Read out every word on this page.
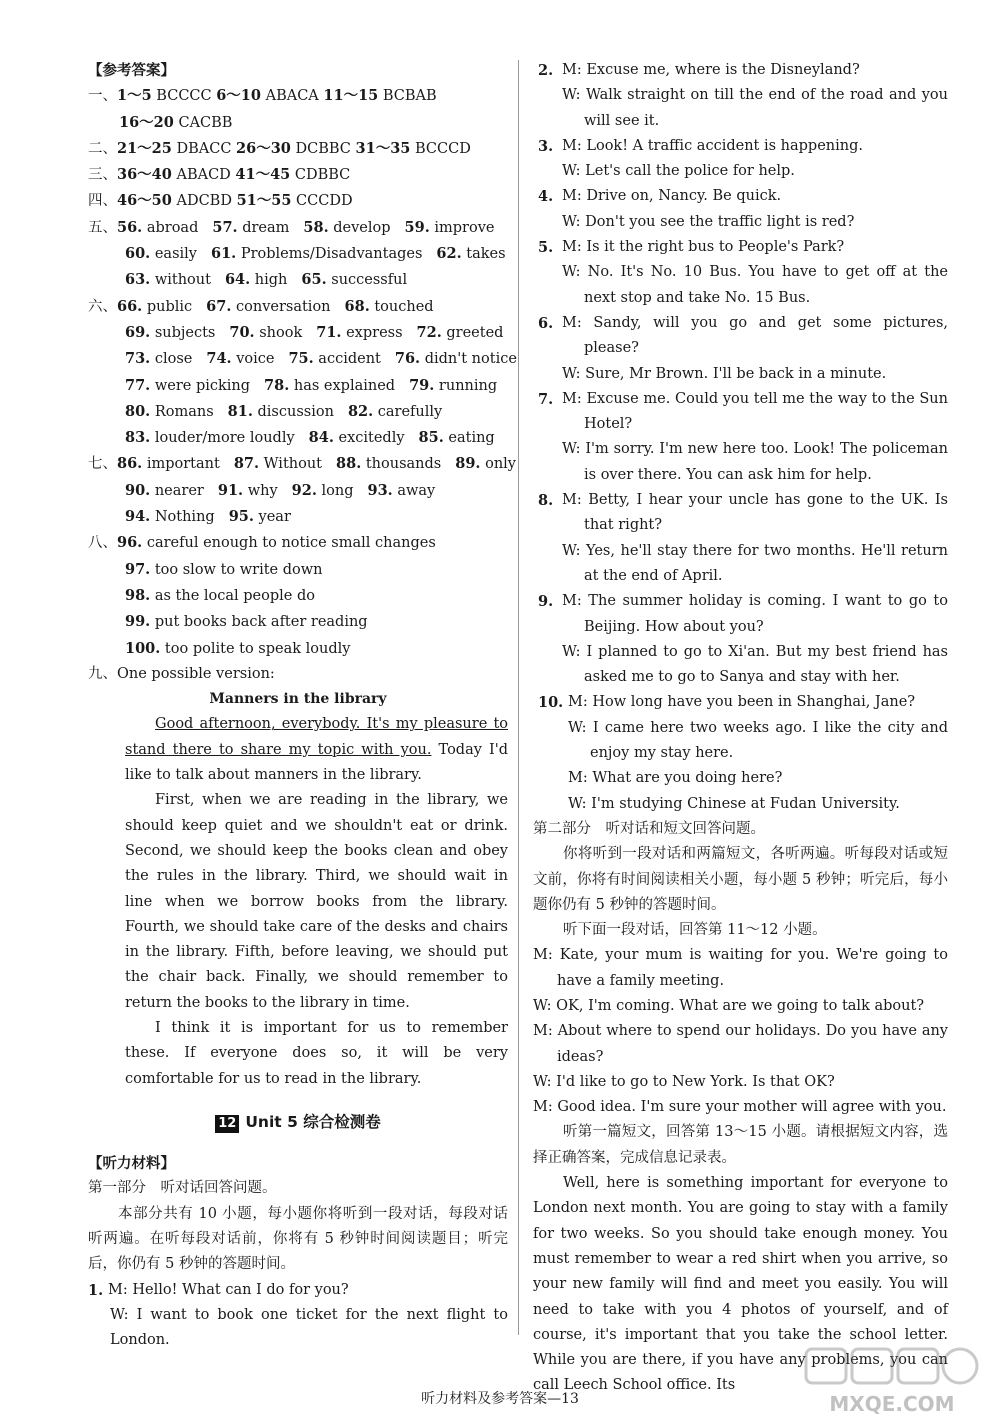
【参考答案】
一、1～5 BCCCC 6～10 ABACA 11～15 BCBAB
16～20 CACBB
二、21～25 DBACC 26～30 DCBBC 31～35 BCCCD
三、36～40 ABACD 41～45 CDBBC
四、46～50 ADCBD 51～55 CCCDD
五、56. abroad 57. dream 58. develop 59. improve
60. easily 61. Problems/Disadvantages 62. takes
63. without 64. high 65. successful
六、66. public 67. conversation 68. touched
69. subjects 70. shook 71. express 72. greeted
73. close 74. voice 75. accident 76. didn't notice
77. were picking 78. has explained 79. running
80. Romans 81. discussion 82. carefully
83. louder/more loudly 84. excitedly 85. eating
七、86. important 87. Without 88. thousands 89. only
90. nearer 91. why 92. long 93. away
94. Nothing 95. year
八、96. careful enough to notice small changes
97. too slow to write down
98. as the local people do
99. put books back after reading
100. too polite to speak loudly
九、One possible version:
Manners in the library
Good afternoon, everybody. It's my pleasure to stand there to share my topic with you. Today I'd like to talk about manners in the library.
First, when we are reading in the library, we should keep quiet and we shouldn't eat or drink. Second, we should keep the books clean and obey the rules in the library. Third, we should wait in line when we borrow books from the library. Fourth, we should take care of the desks and chairs in the library. Fifth, before leaving, we should put the chair back. Finally, we should remember to return the books to the library in time.
I think it is important for us to remember these. If everyone does so, it will be very comfortable for us to read in the library.
12 Unit 5 综合检测卷
【听力材料】
第一部分　听对话回答问题。
本部分共有 10 小题，每小题你将听到一段对话，每段对话听两遍。在听每段对话前，你将有 5 秒钟时间阅读题目；听完后，你仍有 5 秒钟的答题时间。
1. M: Hello! What can I do for you?
W: I want to book one ticket for the next flight to London.
2. M: Excuse me, where is the Disneyland?
W: Walk straight on till the end of the road and you will see it.
3. M: Look! A traffic accident is happening.
W: Let's call the police for help.
4. M: Drive on, Nancy. Be quick.
W: Don't you see the traffic light is red?
5. M: Is it the right bus to People's Park?
W: No. It's No. 10 Bus. You have to get off at the next stop and take No. 15 Bus.
6. M: Sandy, will you go and get some pictures, please?
W: Sure, Mr Brown. I'll be back in a minute.
7. M: Excuse me. Could you tell me the way to the Sun Hotel?
W: I'm sorry. I'm new here too. Look! The policeman is over there. You can ask him for help.
8. M: Betty, I hear your uncle has gone to the UK. Is that right?
W: Yes, he'll stay there for two months. He'll return at the end of April.
9. M: The summer holiday is coming. I want to go to Beijing. How about you?
W: I planned to go to Xi'an. But my best friend has asked me to go to Sanya and stay with her.
10. M: How long have you been in Shanghai, Jane?
W: I came here two weeks ago. I like the city and enjoy my stay here.
M: What are you doing here?
W: I'm studying Chinese at Fudan University.
第二部分　听对话和短文回答问题。
你将听到一段对话和两篇短文，各听两遍。听每段对话或短文前，你将有时间阅读相关小题，每小题 5 秒钟；听完后，每小题你仍有 5 秒钟的答题时间。
听下面一段对话，回答第 11～12 小题。
M: Kate, your mum is waiting for you. We're going to have a family meeting.
W: OK, I'm coming. What are we going to talk about?
M: About where to spend our holidays. Do you have any ideas?
W: I'd like to go to New York. Is that OK?
M: Good idea. I'm sure your mother will agree with you.
听第一篇短文，回答第 13～15 小题。请根据短文内容，选择正确答案，完成信息记录表。
Well, here is something important for everyone to London next month. You are going to stay with a family for two weeks. So you should take enough money. You must remember to wear a red shirt when you arrive, so your new family will find and meet you easily. You will need to take with you 4 photos of yourself, and of course, it's important that you take the school letter. While you are there, if you have any problems, you can call Leech School office. Its
听力材料及参考答案—13	MXQE.COM
